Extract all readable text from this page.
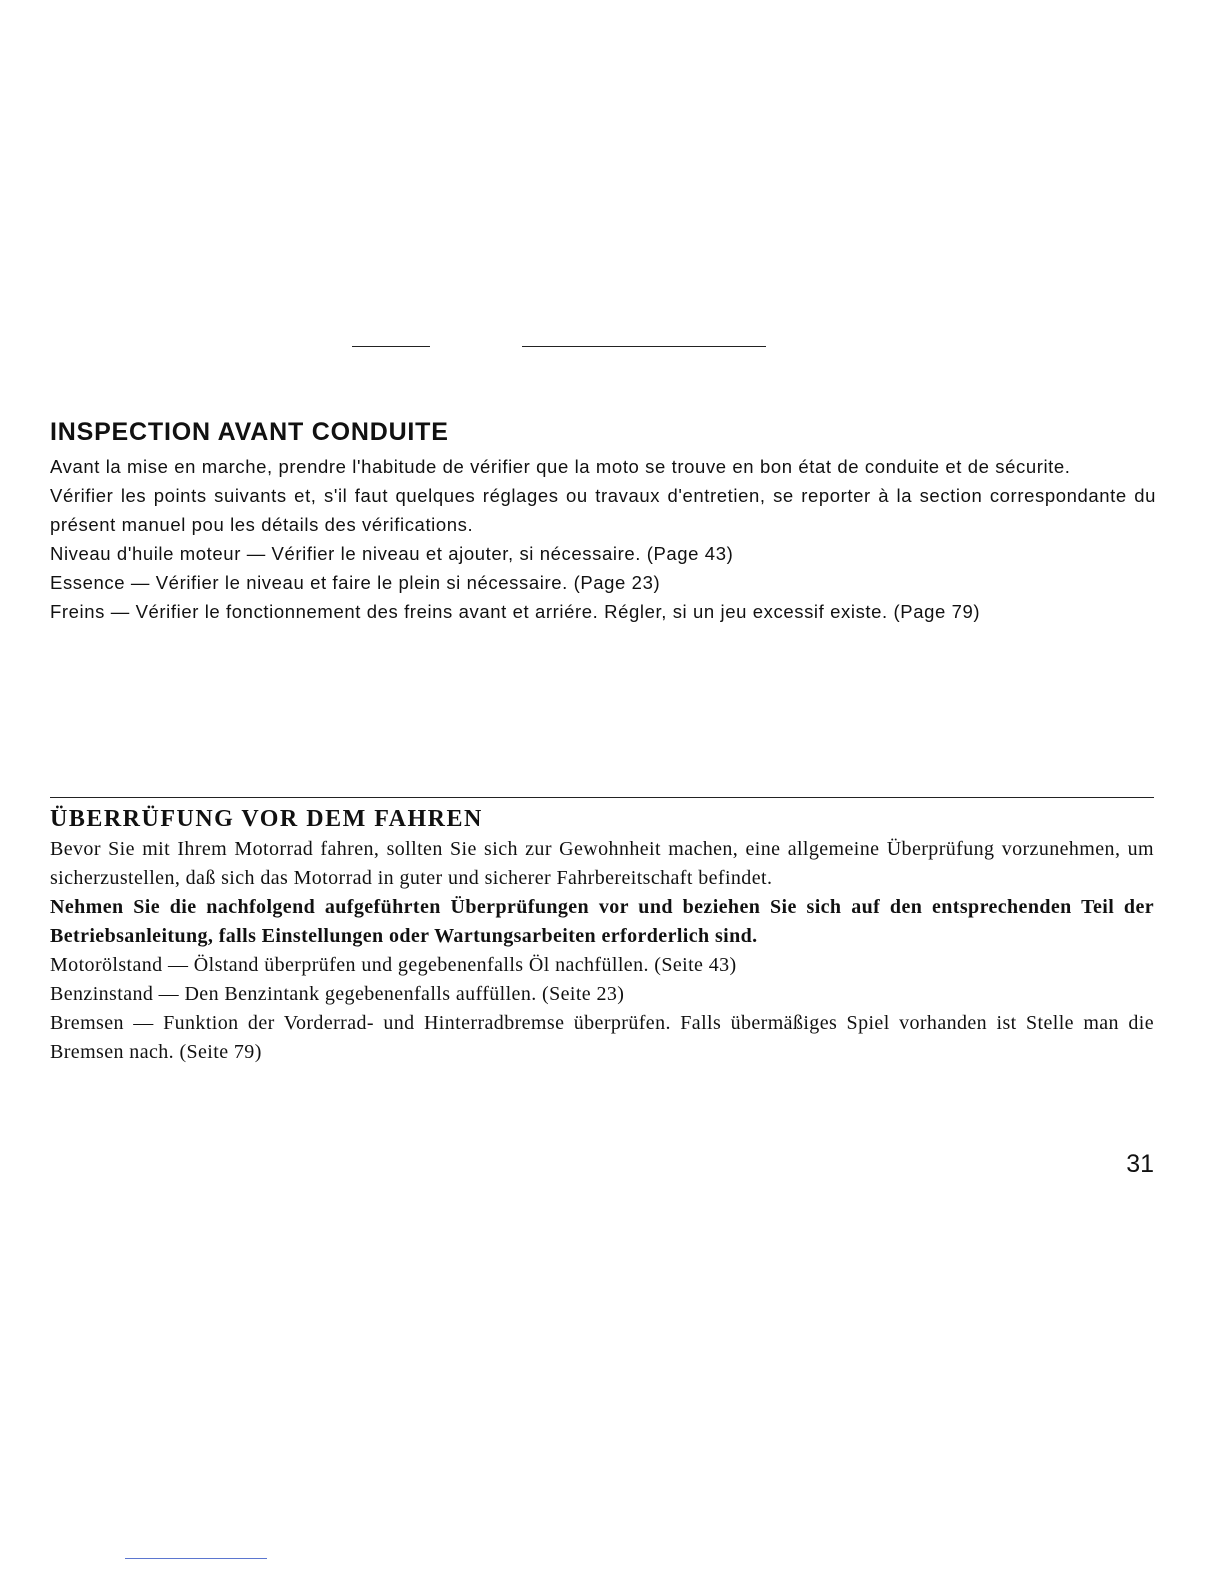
INSPECTION AVANT CONDUITE

Avant la mise en marche, prendre l'habitude de vérifier que la moto se trouve en bon état de conduite et de sécurite.

Vérifier les points suivants et, s'il faut quelques réglages ou travaux d'entretien, se reporter à la section correspondante du présent manuel pou les détails des vérifications.

Niveau d'huile moteur — Vérifier le niveau et ajouter, si nécessaire. (Page 43)

Essence — Vérifier le niveau et faire le plein si nécessaire. (Page 23)

Freins — Vérifier le fonctionnement des freins avant et arriére. Régler, si un jeu excessif existe. (Page 79)

ÜBERRÜFUNG VOR DEM FAHREN

Bevor Sie mit Ihrem Motorrad fahren, sollten Sie sich zur Gewohnheit machen, eine allgemeine Überprüfung vorzunehmen, um sicherzustellen, daß sich das Motorrad in guter und sicherer Fahrbereitschaft befindet.

Nehmen Sie die nachfolgend aufgeführten Überprüfungen vor und beziehen Sie sich auf den entsprechenden Teil der Betriebsanleitung, falls Einstellungen oder Wartungsarbeiten erforderlich sind.

Motorölstand — Ölstand überprüfen und gegebenenfalls Öl nachfüllen. (Seite 43)

Benzinstand — Den Benzintank gegebenenfalls auffüllen. (Seite 23)

Bremsen — Funktion der Vorderrad- und Hinterradbremse überprüfen. Falls übermäßiges Spiel vorhanden ist Stelle man die Bremsen nach. (Seite 79)

31
